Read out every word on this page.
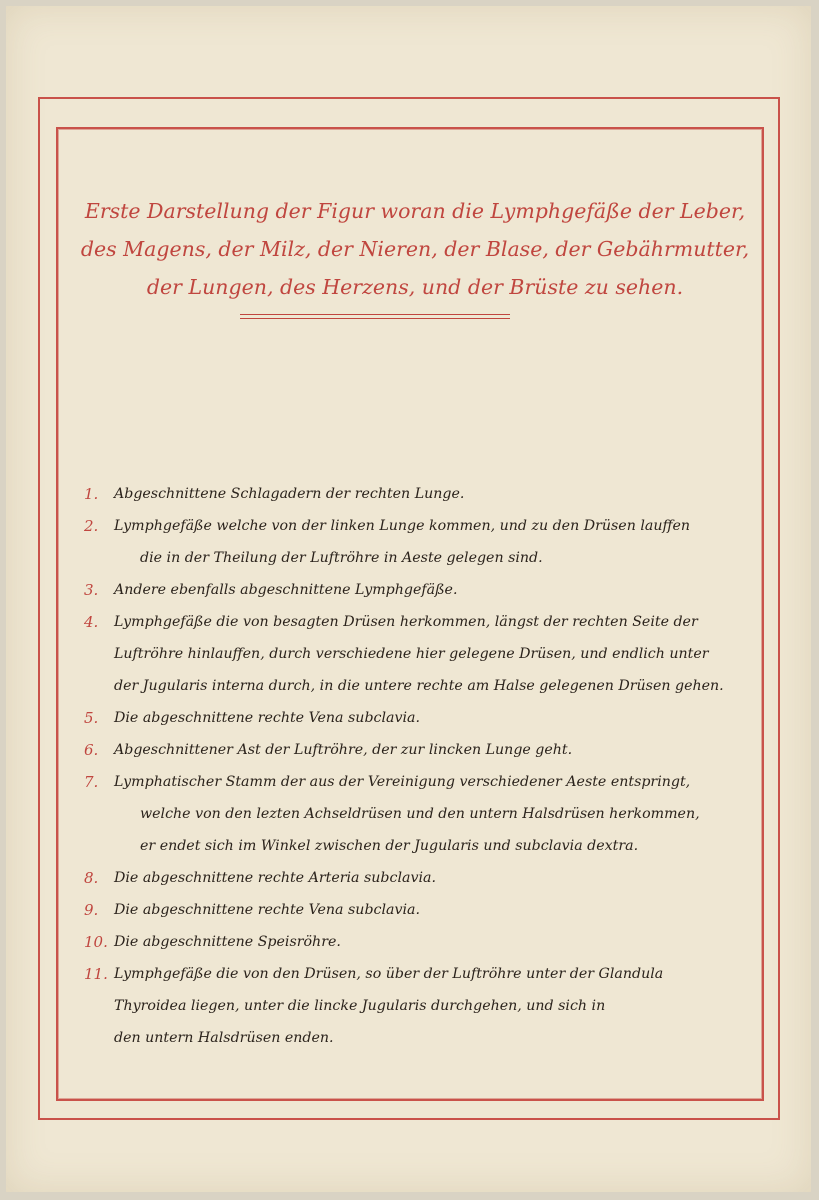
Erste Darstellung der Figur woran die Lymphgefäße der Leber,
des Magens, der Milz, der Nieren, der Blase, der Gebährmutter,
der Lungen, des Herzens, und der Brüste zu sehen.
1.	Abgeschnittene Schlagadern der rechten Lunge.
2.	Lymphgefäße welche von der linken Lunge kommen, und zu den Drüsen lauffen
die in der Theilung der Luftröhre in Aeste gelegen sind.
3.	Andere ebenfalls abgeschnittene Lymphgefäße.
4.	Lymphgefäße die von besagten Drüsen herkommen, längst der rechten Seite der
Luftröhre hinlauffen, durch verschiedene hier gelegene Drüsen, und endlich unter
der Jugularis interna durch, in die untere rechte am Halse gelegenen Drüsen gehen.
5.	Die abgeschnittene rechte Vena subclavia.
6.	Abgeschnittener Ast der Luftröhre, der zur lincken Lunge geht.
7.	Lymphatischer Stamm der aus der Vereinigung verschiedener Aeste entspringt,
welche von den lezten Achseldrüsen und den untern Halsdrüsen herkommen,
er endet sich im Winkel zwischen der Jugularis und subclavia dextra.
8.	Die abgeschnittene rechte Arteria subclavia.
9.	Die abgeschnittene rechte Vena subclavia.
10. Die abgeschnittene Speisröhre.
11. Lymphgefäße die von den Drüsen, so über der Luftröhre unter der Glandula
Thyroidea liegen, unter die lincke Jugularis durchgehen, und sich in
den untern Halsdrüsen enden.
